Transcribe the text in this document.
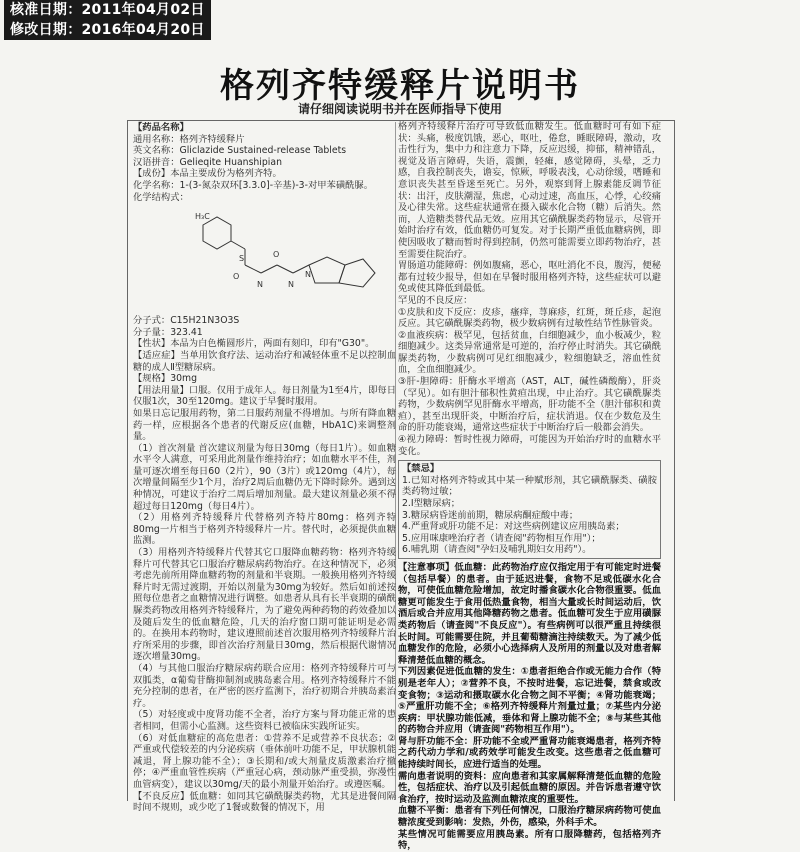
核准日期：2011年04月02日
修改日期：2016年04月20日
格列齐特缓释片说明书
请仔细阅读说明书并在医师指导下使用

【药品名称】

通用名称：格列齐特缓释片

英文名称：Gliclazide Sustained-release Tablets

汉语拼音：Gelieqite Huanshipian

【成份】本品主要成份为格列齐特。

化学名称：1-(3-氮杂双环[3.3.0]-辛基)-3-对甲苯磺酰脲。

化学结构式：

H₃C
S
N	N
N
O
O

分子式：C15H21N3O3S

分子量：323.41

【性状】本品为白色椭圆形片，两面有刻印，印有"G30"。

【适应症】当单用饮食疗法、运动治疗和减轻体重不足以控制血糖的成人Ⅱ型糖尿病。

【规格】30mg

【用法用量】口服。仅用于成年人。每日剂量为1至4片，即每日仅服1次，30至120mg。建议于早餐时服用。

如果日忘记服用药物，第二日服药剂量不得增加。与所有降血糖药一样，应根据各个患者的代谢反应(血糖，HbA1C)来调整剂量。

（1）首次剂量 首次建议剂量为每日30mg（每日1片）。如血糖水平令人满意，可采用此剂量作维持治疗；如血糖水平不佳，剂量可逐次增至每日60（2片），90（3片）或120mg（4片），每次增量间隔至少1个月，治疗2周后血糖仍无下降时除外。遇到这种情况，可建议于治疗二周后增加剂量。最大建议剂量必须不得超过每日120mg（每日4片）。

（2）用格列齐特缓释片代替格列齐特片80mg：格列齐特80mg一片相当于格列齐特缓释片一片。替代时，必须提供血糖监测。

（3）用格列齐特缓释片代替其它口服降血糖药物：格列齐特缓释片可代替其它口服治疗糖尿病药物治疗。在这种情况下，必须考虑先前所用降血糖药物的剂量和半衰期。一般换用格列齐特缓释片时无需过渡期，开始以剂量为30mg为较好。然后如前述按照每位患者之血糖情况进行调整。如患者从具有长半衰期的磺酰脲类药物改用格列齐特缓释片，为了避免两种药物的药效叠加以及随后发生的低血糖危险，几天的治疗窗口期可能证明是必需的。在换用本药物时，建议遵照前述首次服用格列齐特缓释片治疗所采用的步骤，即首次治疗剂量日30mg，然后根据代谢情况逐次增量30mg。

（4）与其他口服治疗糖尿病药联合应用：格列齐特缓释片可与双胍类，α葡萄苷酶抑制剂或胰岛素合用。格列齐特缓释片不能充分控制的患者，在严密的医疗监测下，治疗初期合并胰岛素治疗。

（5）对轻度或中度肾功能不全者，治疗方案与肾功能正常的患者相同，但需小心监测。这些资料已被临床实践所证实。

（6）对低血糖症的高危患者：①营养不足或营养不良状态；②严重或代偿较差的内分泌疾病（垂体前叶功能不足，甲状腺机能减退，肾上腺功能不全）；③长期和/或大剂量皮质激素治疗撤停；④严重血管性疾病（严重冠心病，颈动脉严重受损，弥漫性血管病变），建议以30mg/天的最小剂量开始治疗。或遵医嘱。

【不良反应】低血糖：如同其它磺酰脲类药物，尤其是进餐间隔时间不规则，或少吃了1餐或数餐的情况下，用

格列齐特缓释片治疗可导致低血糖发生。低血糖时可有如下症状：头痛，极度饥饿，恶心，呕吐，倦怠，睡眠障碍，激动，攻击性行为，集中力和注意力下降，反应迟缓，抑郁，精神错乱，视觉及语言障碍，失语，震颤，轻瘫，感觉障碍，头晕，乏力感，自我控制丧失，谵妄，惊厥，呼吸表浅，心动徐缓，嗜睡和意识丧失甚至昏迷至死亡。另外，观察到肾上腺素能反调节征状：出汗，皮肤潮湿，焦虑，心动过速，高血压，心悸，心绞痛及心律失常。这些症状通常在摄入碳水化合物（糖）后消失。然而，人造糖类替代品无效。应用其它磺酰脲类药物显示，尽管开始时治疗有效，低血糖仍可复发。对于长期严重低血糖病例，即使因吸收了糖而暂时得到控制，仍然可能需要立即药物治疗，甚至需要住院治疗。

胃肠道功能障碍：例如腹痛，恶心，呕吐消化不良，腹泻，便秘都有过较少报导，但如在早餐时服用格列齐特，这些症状可以避免或使其降低到最低。

罕见的不良反应：

①皮肤和皮下反应：皮疹，瘙痒，荨麻疹，红斑，斑丘疹，起泡反应。其它磺酰脲类药物，极少数病例有过敏性结节性脉管炎。

②血液疾病：极罕见，包括贫血，白细胞减少，血小板减少，粒细胞减少。这类异常通常是可逆的，治疗停止时消失。其它磺酰脲类药物，少数病例可见红细胞减少，粒细胞缺乏，溶血性贫血，全血细胞减少。

③肝-胆障碍：肝酶水平增高（AST，ALT，碱性磷酸酶），肝炎（罕见）。如有胆汁郁积性黄疸出现，中止治疗。其它磺酰脲类药物，少数病例罕见肝酶水平增高，肝功能不全（胆汁郁积和黄疸），甚至出现肝炎，中断治疗后，症状消退。仅在少数危及生命的肝功能衰竭，通常这些症状于中断治疗后一般都会消失。

④视力障碍：暂时性视力障碍，可能因为开始治疗时的血糖水平变化。

【禁忌】

1.已知对格列齐特或其中某一种赋形剂，其它磺酰脲类、磺胺类药物过敏；

2.Ⅰ型糖尿病；

3.糖尿病昏迷前前期，糖尿病酮症酸中毒；

4.严重肾或肝功能不足：对这些病例建议应用胰岛素；

5.应用咪康唑治疗者（请查阅"药物相互作用"）；

6.哺乳期（请查阅"孕妇及哺乳期妇女用药"）。

【注意事项】低血糖：此药物治疗应仅指定用于有可能定时进餐（包括早餐）的患者。由于延迟进餐，食物不足或低碳水化合物，可使低血糖危险增加，故定时播食碳水化合物很重要。低血糖更可能发生于食用低热量食物，相当大量或长时间运动后，饮酒后或合并应用其他降糖药物之患者。低血糖可发生于应用磺脲类药物后（请查阅"不良反应"）。有些病例可以很严重且持续很长时间。可能需要住院，并且葡萄糖滴注持续数天。为了减少低血糖发作的危险，必须小心选择病人及所用的剂量以及对患者解释清楚低血糖的概念。

下列因素促进低血糖的发生：①患者拒绝合作或无能力合作（特别是老年人）；②营养不良，不按时进餐，忘记进餐，禁食或改变食物；③运动和摄取碳水化合物之间不平衡；④肾功能衰竭；⑤严重肝功能不全；⑥格列齐特缓释片剂量过量；⑦某些内分泌疾病：甲状腺功能低减，垂体和肾上腺功能不全；⑧与某些其他的药物合并应用（请查阅"药物相互作用"）。

肾与肝功能不全：肝功能不全或严重肾功能衰竭患者，格列齐特之药代动力学和/或药效学可能发生改变。这些患者之低血糖可能持续时间长，应进行适当的处理。

需向患者说明的资料：应向患者和其家属解释清楚低血糖的危险性，包括症状、治疗以及引起低血糖的原因。并告诉患者遵守饮食治疗，按时运动及监测血糖浓度的重要性。

血糖不平衡：患者有下列任何情况，口服治疗糖尿病药物可使血糖浓度受到影响：发热，外伤，感染，外科手术。

某些情况可能需要应用胰岛素。所有口服降糖药，包括格列齐特，
